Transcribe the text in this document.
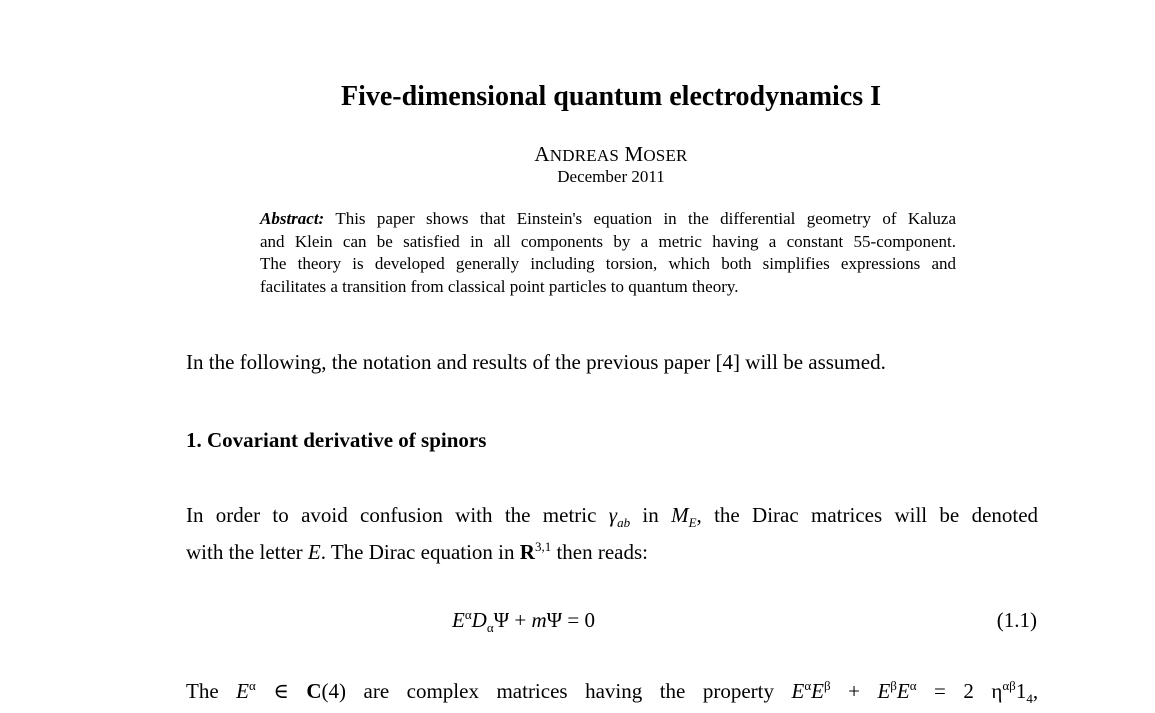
Five-dimensional quantum electrodynamics I
ANDREAS MOSER
December 2011
Abstract: This paper shows that Einstein's equation in the differential geometry of Kaluza
and Klein can be satisfied in all components by a metric having a constant 55-component.
The theory is developed generally including torsion, which both simplifies expressions and
facilitates a transition from classical point particles to quantum theory.
In the following, the notation and results of the previous paper [4] will be assumed.
1. Covariant derivative of spinors
In order to avoid confusion with the metric $\gamma_{ab}$ in $M_E$, the Dirac matrices will be denoted
with the letter E. The Dirac equation in R$^{3,1}$ then reads:
$E^\alpha D_\alpha\Psi + m\Psi = 0$	(1.1)
The $E^\alpha$ ∈ C(4) are complex matrices having the property $E^\alpha E^\beta + E^\beta E^\alpha = 2$ $\eta^{\alpha\beta}1_4$,
